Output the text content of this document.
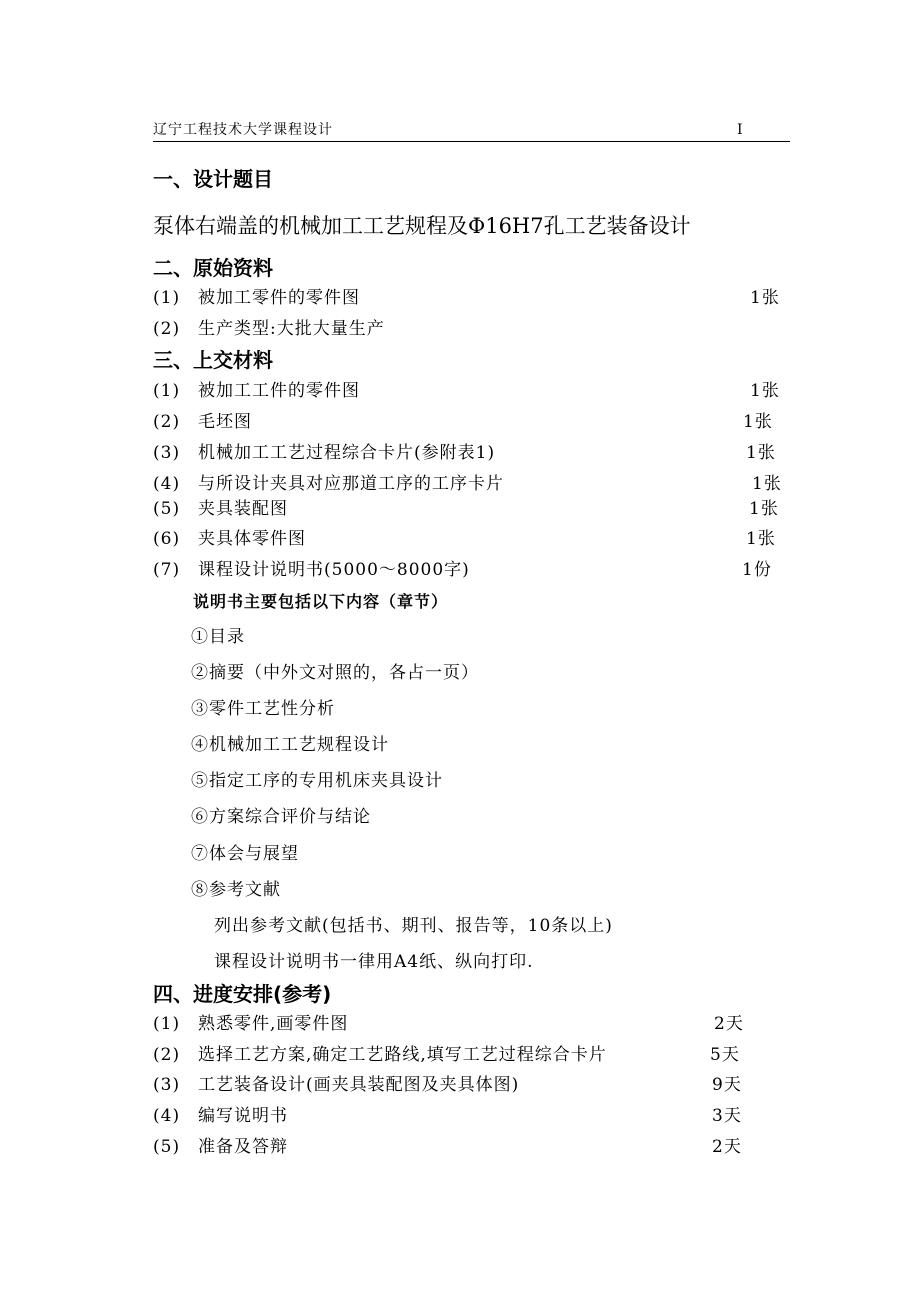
辽宁工程技术大学课程设计	I
一、设计题目
泵体右端盖的机械加工工艺规程及Φ16H7孔工艺装备设计
二、原始资料
(1) 被加工零件的零件图	1张
(2) 生产类型:大批大量生产
三、上交材料
(1) 被加工工件的零件图	1张
(2) 毛坯图	1张
(3) 机械加工工艺过程综合卡片(参附表1)	1张
(4) 与所设计夹具对应那道工序的工序卡片	1张
(5) 夹具装配图	1张
(6) 夹具体零件图	1张
(7) 课程设计说明书(5000～8000字)	1份
说明书主要包括以下内容（章节）
①目录
②摘要（中外文对照的，各占一页）
③零件工艺性分析
④机械加工工艺规程设计
⑤指定工序的专用机床夹具设计
⑥方案综合评价与结论
⑦体会与展望
⑧参考文献
列出参考文献(包括书、期刊、报告等，10条以上)
课程设计说明书一律用A4纸、纵向打印.
四、进度安排(参考)
(1) 熟悉零件,画零件图	2天
(2) 选择工艺方案,确定工艺路线,填写工艺过程综合卡片	5天
(3) 工艺装备设计(画夹具装配图及夹具体图)	9天
(4) 编写说明书	3天
(5) 准备及答辩	2天
